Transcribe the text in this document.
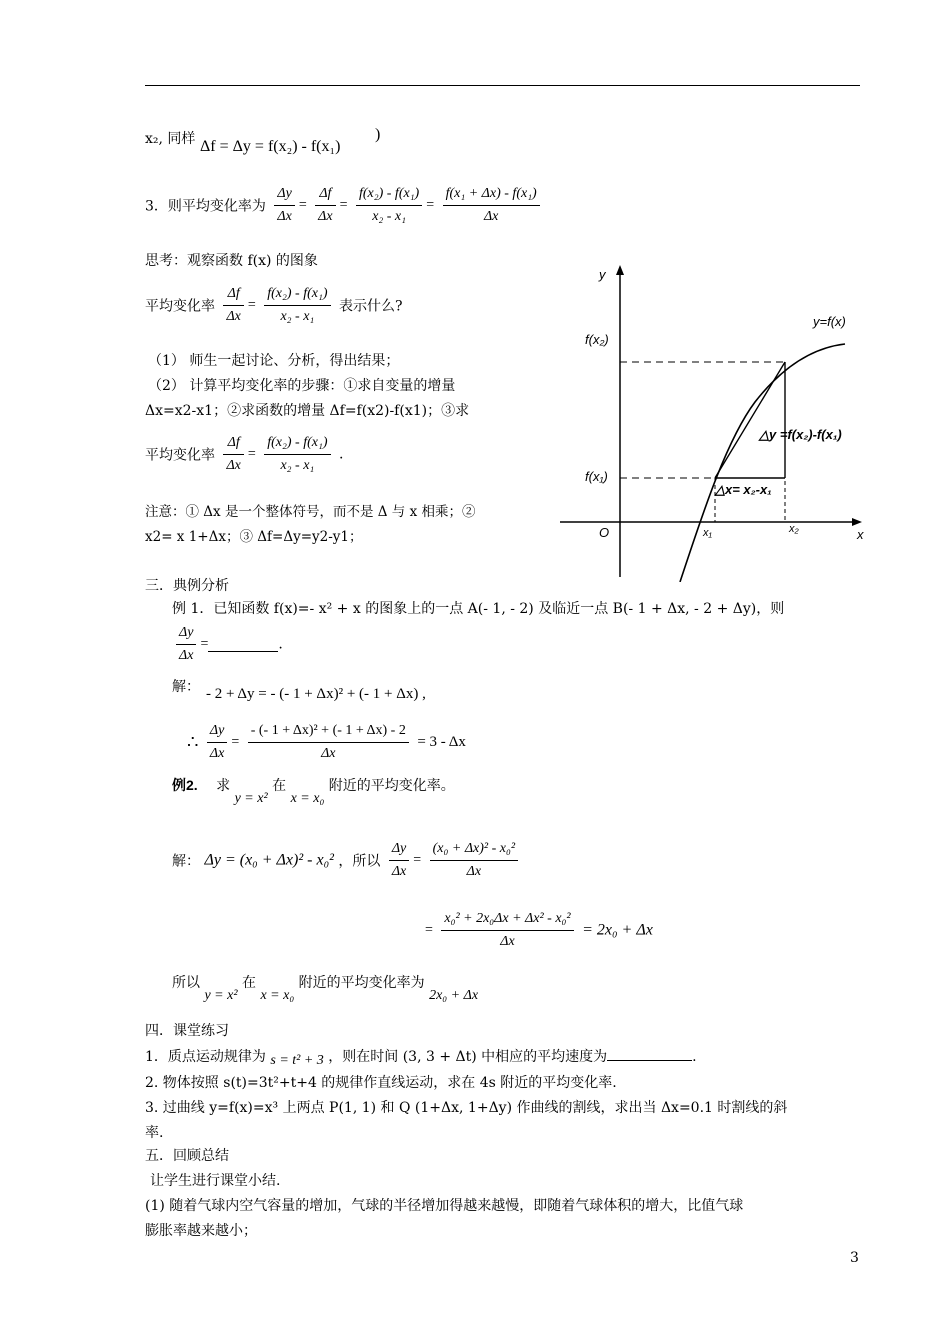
x₂, 同样 Δf = Δy = f(x₂) - f(x₁)
)
3．则平均变化率为 $\frac{\Delta y}{\Delta x} = \frac{\Delta f}{\Delta x} = \frac{\text{f(x₂) - f(x₁)}}{\text{x₂ - x₁}} = \frac{\text{f(x₁ + Δx) - f(x₁)}}{\Delta x}$
思考：观察函数 f(x) 的图象
平均变化率 $\frac{\Delta f}{\Delta x} = \frac{\text{f(x₂) - f(x₁)}}{\text{x₂ - x₁}}$ 表示什么?
（1） 师生一起讨论、分析，得出结果；
（2） 计算平均变化率的步骤：①求自变量的增量
Δx=x2-x1；②求函数的增量 Δf=f(x2)-f(x1)；③求
平均变化率 $\frac{\Delta f}{\Delta x} = \frac{\text{f(x₂) - f(x₁)}}{\text{x₂ - x₁}}$ .
注意：① Δx 是一个整体符号，而不是 Δ 与 x 相乘；②
x2= x 1+Δx；③ Δf=Δy=y2-y1；
y
x
O
y=f(x)
f(x₂)
f(x₁)
△y =f(x₂)-f(x₁)
△x= x₂-x₁
x₁	x₂
三．典例分析
例 1．已知函数 f(x)=- x² + x 的图象上的一点 A(- 1, - 2) 及临近一点 B(- 1 + Δx, - 2 + Δy)，则
$\frac{\Delta y}{\Delta x}$ =	.
解： - 2 + Δy = - (- 1 + Δx)² + (- 1 + Δx) ,
∴ $\frac{\Delta y}{\Delta x} = \frac{\text{- (- 1 + Δx)² + (- 1 + Δx) - 2}}{\Delta x} = 3 - \Delta x$
例2. 求 y = x² 在 x = x₀ 附近的平均变化率。
解： Δy = (x₀ + Δx)² - x₀² ，所以 $\frac{\Delta y}{\Delta x} = \frac{\text{(x₀ + Δx)² - x₀²}}{\Delta x}$
= $\frac{\text{x₀² + 2x₀Δx + Δx² - x₀²}}{\Delta x} = 2x_0 + \Delta x$
所以 y = x² 在 x = x₀ 附近的平均变化率为 2x₀ + Δx
四．课堂练习
1．质点运动规律为 s = t² + 3 ，则在时间 (3, 3 + Δt) 中相应的平均速度为	.
2. 物体按照 s(t)=3t²+t+4 的规律作直线运动，求在 4s 附近的平均变化率.
3. 过曲线 y=f(x)=x³ 上两点 P(1, 1) 和 Q (1+Δx, 1+Δy) 作曲线的割线，求出当 Δx=0.1 时割线的斜
率.
五．回顾总结
让学生进行课堂小结.
(1) 随着气球内空气容量的增加，气球的半径增加得越来越慢，即随着气球体积的增大，比值气球
膨胀率越来越小；
3
